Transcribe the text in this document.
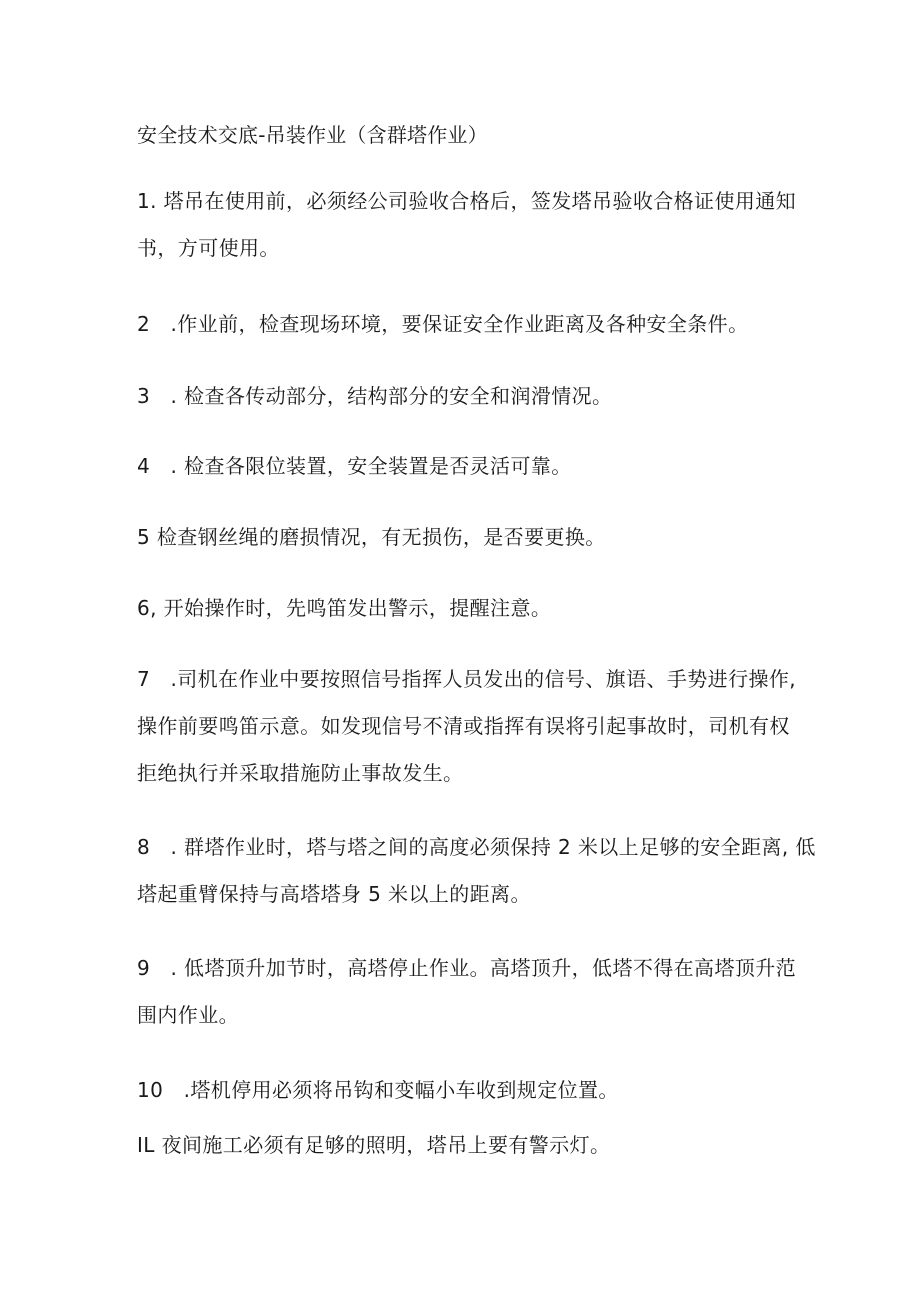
安全技术交底-吊装作业（含群塔作业）
1. 塔吊在使用前，必须经公司验收合格后，签发塔吊验收合格证使用通知
书，方可使用。
2　.作业前，检查现场环境，要保证安全作业距离及各种安全条件。
3　. 检查各传动部分，结构部分的安全和润滑情况。
4　. 检查各限位装置，安全装置是否灵活可靠。
5 检查钢丝绳的磨损情况，有无损伤，是否要更换。
6, 开始操作时，先鸣笛发出警示，提醒注意。
7　.司机在作业中要按照信号指挥人员发出的信号、旗语、手势进行操作,
操作前要鸣笛示意。如发现信号不清或指挥有误将引起事故时，司机有权
拒绝执行并采取措施防止事故发生。
8　. 群塔作业时，塔与塔之间的高度必须保持 2 米以上足够的安全距离, 低
塔起重臂保持与高塔塔身 5 米以上的距离。
9　. 低塔顶升加节时，高塔停止作业。高塔顶升，低塔不得在高塔顶升范
围内作业。
10　.塔机停用必须将吊钩和变幅小车收到规定位置。
IL 夜间施工必须有足够的照明，塔吊上要有警示灯。
